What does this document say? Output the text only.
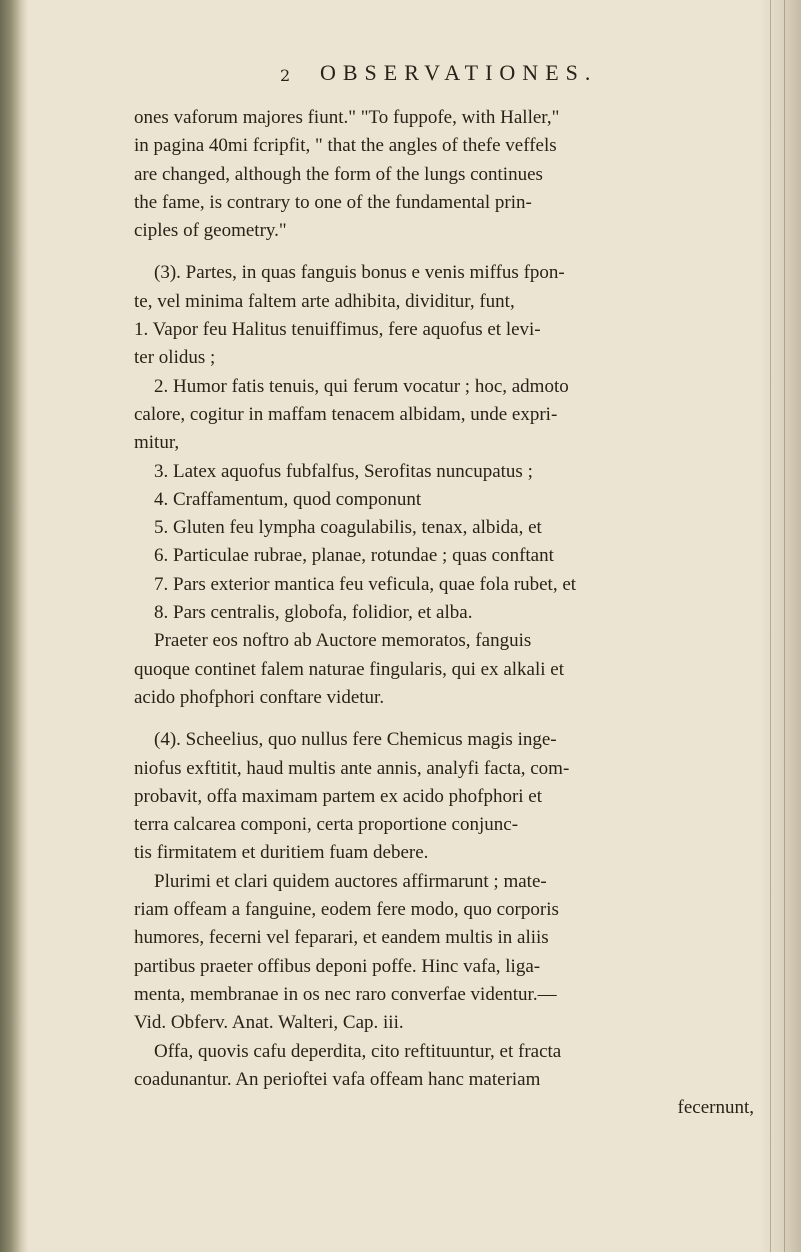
2 OBSERVATIONES.
ones vaforum majores fiunt." "To fuppofe, with Haller,"
in pagina 40mi fcripfit, " that the angles of thefe veffels
are changed, although the form of the lungs continues
the fame, is contrary to one of the fundamental prin-
ciples of geometry."
(3). Partes, in quas fanguis bonus e venis miffus fpon-
te, vel minima faltem arte adhibita, dividitur, funt,
1. Vapor feu Halitus tenuiffimus, fere aquofus et levi-
ter olidus ;
2. Humor fatis tenuis, qui ferum vocatur ; hoc, admoto
calore, cogitur in maffam tenacem albidam, unde expri-
mitur,
3. Latex aquofus fubfalfus, Serofitas nuncupatus ;
4. Craffamentum, quod componunt
5. Gluten feu lympha coagulabilis, tenax, albida, et
6. Particulae rubrae, planae, rotundae ; quas conftant
7. Pars exterior mantica feu veficula, quae fola rubet, et
8. Pars centralis, globofa, folidior, et alba.
Praeter eos noftro ab Auctore memoratos, fanguis
quoque continet falem naturae fingularis, qui ex alkali et
acido phofphori conftare videtur.
(4). Scheelius, quo nullus fere Chemicus magis inge-
niofus exftitit, haud multis ante annis, analyfi facta, com-
probavit, offa maximam partem ex acido phofphori et
terra calcarea componi, certa proportione conjunc-
tis firmitatem et duritiem fuam debere.
Plurimi et clari quidem auctores affirmarunt ; mate-
riam offeam a fanguine, eodem fere modo, quo corporis
humores, fecerni vel feparari, et eandem multis in aliis
partibus praeter offibus deponi poffe. Hinc vafa, liga-
menta, membranae in os nec raro converfae videntur.—
Vid. Obferv. Anat. Walteri, Cap. iii.
Offa, quovis cafu deperdita, cito reftituuntur, et fracta
coadunantur. An perioftei vafa offeam hanc materiam
fecernunt,
